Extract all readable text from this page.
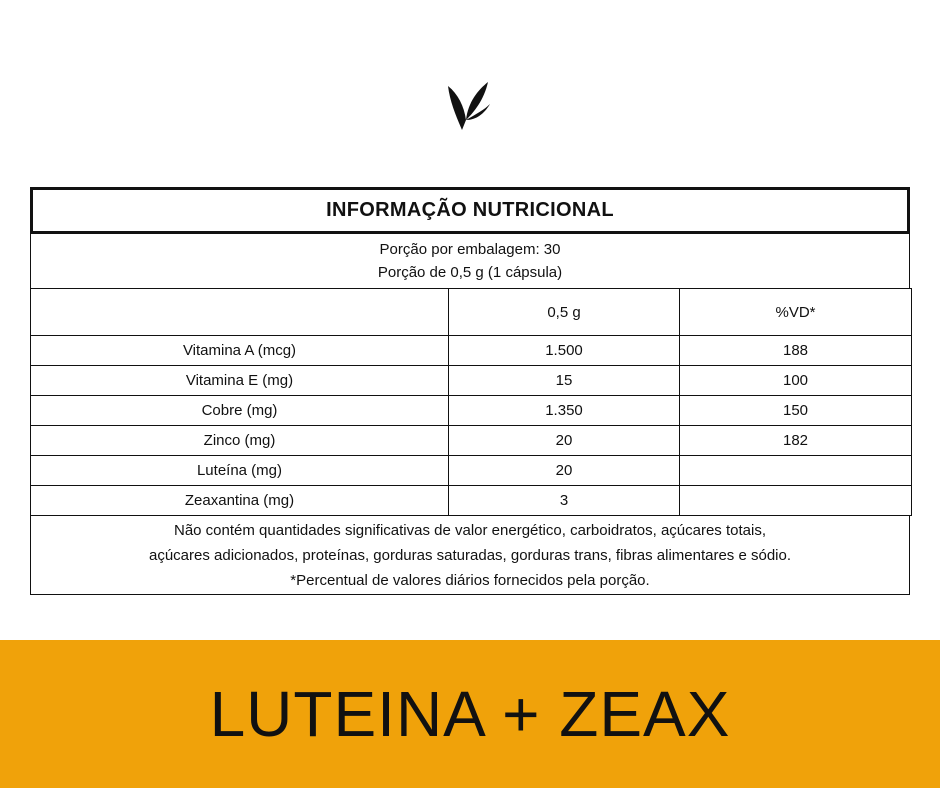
INFORMAÇÃO NUTRICIONAL
Porção por embalagem: 30
Porção de 0,5 g (1 cápsula)
	0,5 g	%VD*
Vitamina A (mcg)	1.500	188
Vitamina E (mg)	15	100
Cobre (mg)	1.350	150
Zinco (mg)	20	182
Luteína (mg)	20	
Zeaxantina (mg)	3	
Não contém quantidades significativas de valor energético, carboidratos, açúcares totais,
açúcares adicionados, proteínas, gorduras saturadas, gorduras trans, fibras alimentares e sódio.
*Percentual de valores diários fornecidos pela porção.
LUTEINA + ZEAX
